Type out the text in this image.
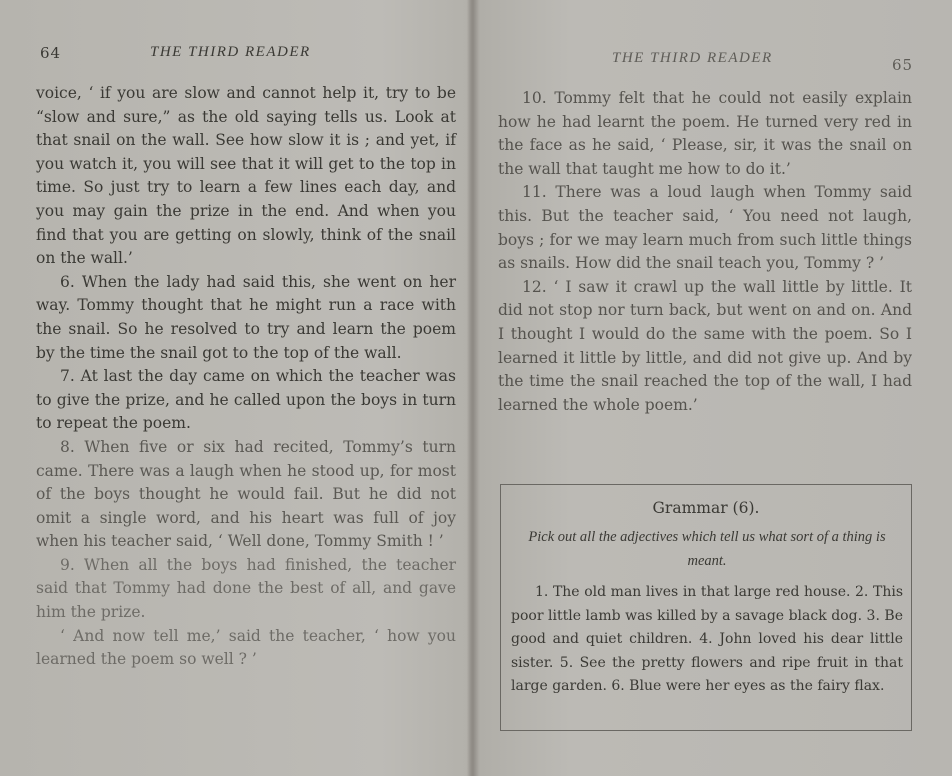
64	THE THIRD READER

voice, ‘ if you are slow and cannot help it, try to be “slow and sure,” as the old saying tells us. Look at that snail on the wall. See how slow it is ; and yet, if you watch it, you will see that it will get to the top in time. So just try to learn a few lines each day, and you may gain the prize in the end. And when you find that you are getting on slowly, think of the snail on the wall.’

6. When the lady had said this, she went on her way. Tommy thought that he might run a race with the snail. So he resolved to try and learn the poem by the time the snail got to the top of the wall.

7. At last the day came on which the teacher was to give the prize, and he called upon the boys in turn to repeat the poem.

8. When five or six had recited, Tommy’s turn came. There was a laugh when he stood up, for most of the boys thought he would fail. But he did not omit a single word, and his heart was full of joy when his teacher said, ‘ Well done, Tommy Smith ! ’

9. When all the boys had finished, the teacher said that Tommy had done the best of all, and gave him the prize.

‘ And now tell me,’ said the teacher, ‘ how you learned the poem so well ? ’

THE THIRD READER	65

10. Tommy felt that he could not easily explain how he had learnt the poem. He turned very red in the face as he said, ‘ Please, sir, it was the snail on the wall that taught me how to do it.’

11. There was a loud laugh when Tommy said this. But the teacher said, ‘ You need not laugh, boys ; for we may learn much from such little things as snails. How did the snail teach you, Tommy ? ’

12. ‘ I saw it crawl up the wall little by little. It did not stop nor turn back, but went on and on. And I thought I would do the same with the poem. So I learned it little by little, and did not give up. And by the time the snail reached the top of the wall, I had learned the whole poem.’

Grammar (6).
Pick out all the adjectives which tell us what sort of a thing is meant.

1. The old man lives in that large red house. 2. This poor little lamb was killed by a savage black dog. 3. Be good and quiet children. 4. John loved his dear little sister. 5. See the pretty flowers and ripe fruit in that large garden. 6. Blue were her eyes as the fairy flax.
